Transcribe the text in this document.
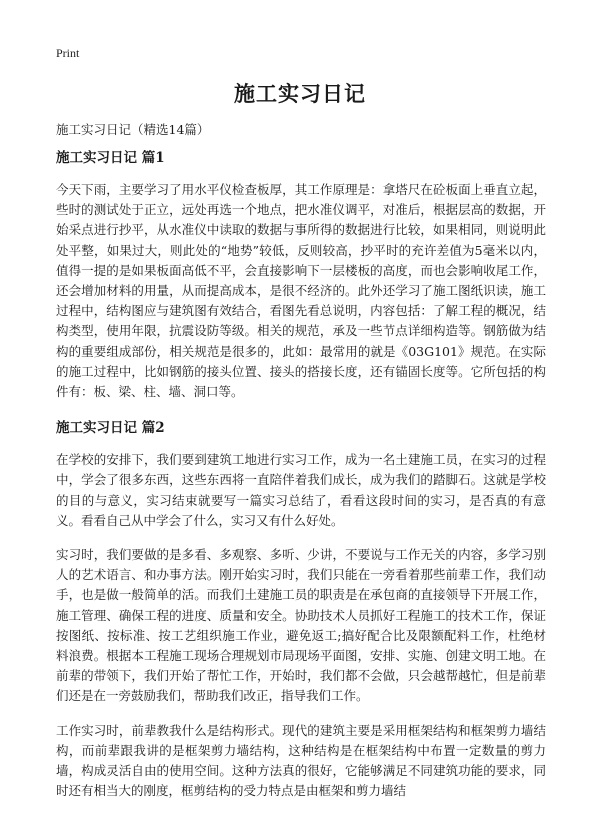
Print
施工实习日记

施工实习日记（精选14篇）

施工实习日记 篇1

今天下雨，主要学习了用水平仪检查板厚，其工作原理是：拿塔尺在砼板面上垂直立起，些时的测试处于正立，远处再选一个地点，把水准仪调平，对准后，根据层高的数据，开始采点进行抄平，从水准仪中读取的数据与事所得的数据进行比较，如果相同，则说明此处平整，如果过大，则此处的“地势”较低，反则较高，抄平时的充许差值为5毫米以内，值得一提的是如果板面高低不平，会直接影响下一层楼板的高度，而也会影响收尾工作，还会增加材料的用量，从而提高成本，是很不经济的。此外还学习了施工图纸识读，施工过程中，结构图应与建筑图有效结合，看图先看总说明，内容包括：了解工程的概况，结构类型，使用年限，抗震设防等级。相关的规范，承及一些节点详细构造等。钢筋做为结构的重要组成部份，相关规范是很多的，此如：最常用的就是《03G101》规范。在实际的施工过程中，比如钢筋的接头位置、接头的搭接长度，还有锚固长度等。它所包括的构件有：板、梁、柱、墙、洞口等。

施工实习日记 篇2

在学校的安排下，我们要到建筑工地进行实习工作，成为一名土建施工员，在实习的过程中，学会了很多东西，这些东西将一直陪伴着我们成长，成为我们的踏脚石。这就是学校的目的与意义，实习结束就要写一篇实习总结了，看看这段时间的实习，是否真的有意义。看看自己从中学会了什么，实习又有什么好处。

实习时，我们要做的是多看、多观察、多听、少讲，不要说与工作无关的内容，多学习别人的艺术语言、和办事方法。刚开始实习时，我们只能在一旁看着那些前辈工作，我们动手，也是做一般简单的活。而我们土建施工员的职责是在承包商的直接领导下开展工作，施工管理、确保工程的进度、质量和安全。协助技术人员抓好工程施工的技术工作，保证按图纸、按标准、按工艺组织施工作业，避免返工;搞好配合比及限额配料工作，杜绝材料浪费。根据本工程施工现场合理规划市局现场平面图，安排、实施、创建文明工地。在前辈的带领下，我们开始了帮忙工作，开始时，我们都不会做，只会越帮越忙，但是前辈们还是在一旁鼓励我们，帮助我们改正，指导我们工作。

工作实习时，前辈教我什么是结构形式。现代的建筑主要是采用框架结构和框架剪力墙结构，而前辈跟我讲的是框架剪力墙结构，这种结构是在框架结构中布置一定数量的剪力墙，构成灵活自由的使用空间。这种方法真的很好，它能够满足不同建筑功能的要求，同时还有相当大的刚度，框剪结构的受力特点是由框架和剪力墙结
